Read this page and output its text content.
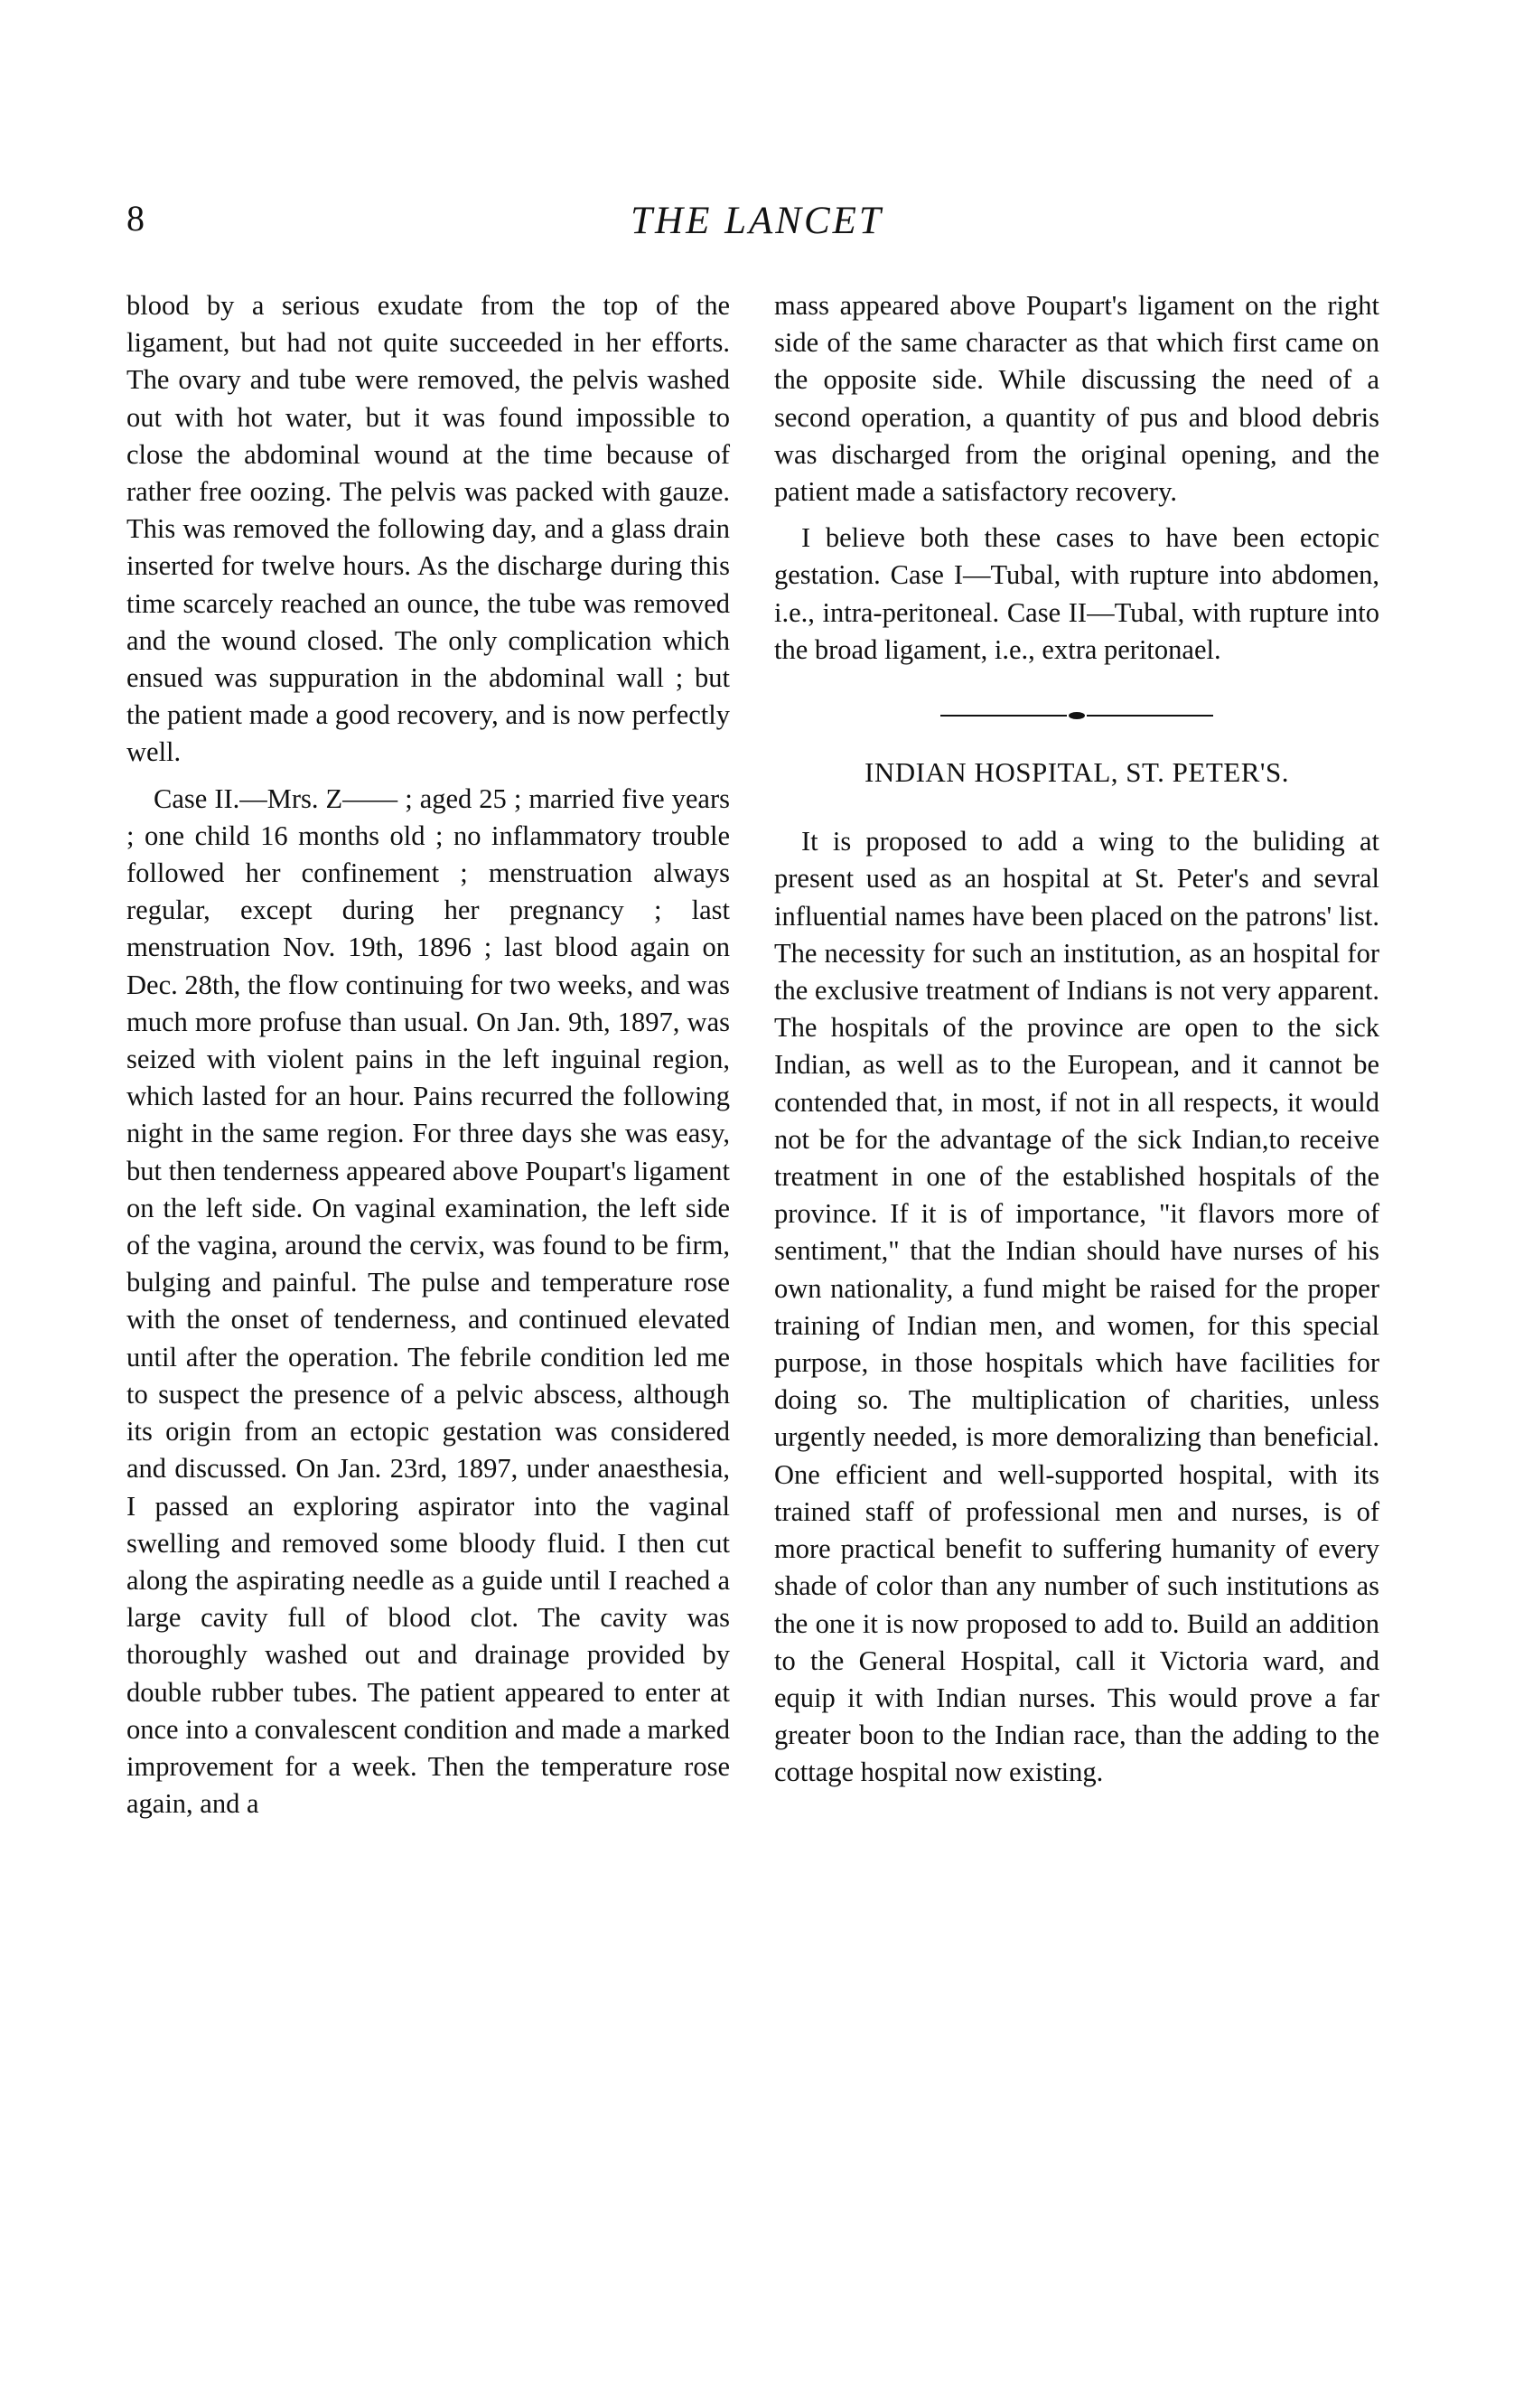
8	THE LANCET

blood by a serious exudate from the top of the ligament, but had not quite succeeded in her efforts. The ovary and tube were removed, the pelvis washed out with hot water, but it was found impossible to close the abdominal wound at the time because of rather free oozing. The pelvis was packed with gauze. This was removed the following day, and a glass drain inserted for twelve hours. As the discharge during this time scarcely reached an ounce, the tube was removed and the wound closed. The only complication which ensued was suppuration in the abdominal wall ; but the patient made a good recovery, and is now perfectly well.

Case II.—Mrs. Z—— ; aged 25 ; married five years ; one child 16 months old ; no inflammatory trouble followed her confinement ; menstruation always regular, except during her pregnancy ; last menstruation Nov. 19th, 1896 ; last blood again on Dec. 28th, the flow continuing for two weeks, and was much more profuse than usual. On Jan. 9th, 1897, was seized with violent pains in the left inguinal region, which lasted for an hour. Pains recurred the following night in the same region. For three days she was easy, but then tenderness appeared above Poupart's ligament on the left side. On vaginal examination, the left side of the vagina, around the cervix, was found to be firm, bulging and painful. The pulse and temperature rose with the onset of tenderness, and continued elevated until after the operation. The febrile condition led me to suspect the presence of a pelvic abscess, although its origin from an ectopic gestation was considered and discussed. On Jan. 23rd, 1897, under anaesthesia, I passed an exploring aspirator into the vaginal swelling and removed some bloody fluid. I then cut along the aspirating needle as a guide until I reached a large cavity full of blood clot. The cavity was thoroughly washed out and drainage provided by double rubber tubes. The patient appeared to enter at once into a convalescent condition and made a marked improvement for a week. Then the temperature rose again, and a

mass appeared above Poupart's ligament on the right side of the same character as that which first came on the opposite side. While discussing the need of a second operation, a quantity of pus and blood debris was discharged from the original opening, and the patient made a satisfactory recovery.

I believe both these cases to have been ectopic gestation. Case I—Tubal, with rupture into abdomen, i.e., intra-peritoneal. Case II—Tubal, with rupture into the broad ligament, i.e., extra peritonael.

INDIAN HOSPITAL, ST. PETER'S.

It is proposed to add a wing to the buliding at present used as an hospital at St. Peter's and sevral influential names have been placed on the patrons' list. The necessity for such an institution, as an hospital for the exclusive treatment of Indians is not very apparent. The hospitals of the province are open to the sick Indian, as well as to the European, and it cannot be contended that, in most, if not in all respects, it would not be for the advantage of the sick Indian,to receive treatment in one of the established hospitals of the province. If it is of importance, "it flavors more of sentiment," that the Indian should have nurses of his own nationality, a fund might be raised for the proper training of Indian men, and women, for this special purpose, in those hospitals which have facilities for doing so. The multiplication of charities, unless urgently needed, is more demoralizing than beneficial. One efficient and well-supported hospital, with its trained staff of professional men and nurses, is of more practical benefit to suffering humanity of every shade of color than any number of such institutions as the one it is now proposed to add to. Build an addition to the General Hospital, call it Victoria ward, and equip it with Indian nurses. This would prove a far greater boon to the Indian race, than the adding to the cottage hospital now existing.
